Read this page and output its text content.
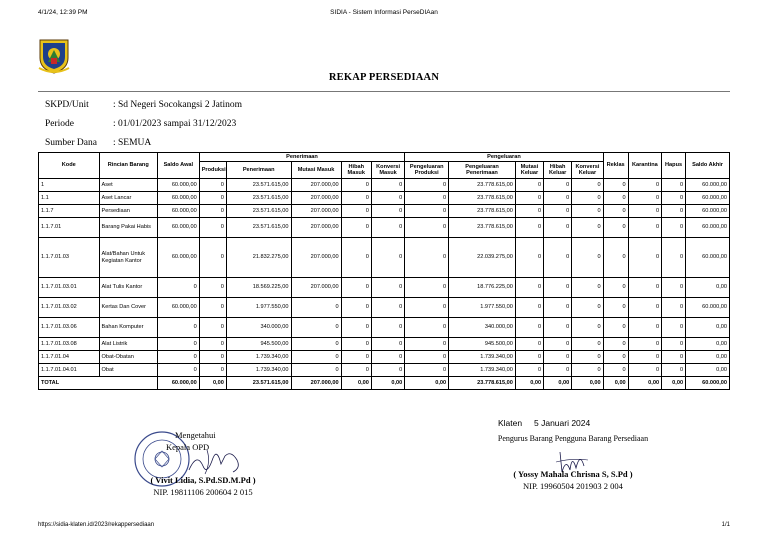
4/1/24, 12:39 PM	SIDIA - Sistem Informasi PerseDIAan
REKAP PERSEDIAAN
SKPD/Unit	: Sd Negeri Socokangsi 2 Jatinom
Periode	: 01/01/2023 sampai 31/12/2023
Sumber Dana : SEMUA
Kode	Rincian Barang	Saldo Awal	Penerimaan					Pengeluaran					Reklas	Karantina	Hapus	Saldo Akhir
			Produksi	Penerimaan	Mutasi Masuk	Hibah Masuk	Konversi Masuk	Pengeluaran Produksi	Pengeluaran Penerimaan	Mutasi Keluar	Hibah Keluar	Konversi Keluar				
1	Aset	60.000,00	0	23.571.615,00	207.000,00	0	0	0	23.778.615,00	0	0	0	0	0	0	60.000,00
1.1	Aset Lancar	60.000,00	0	23.571.615,00	207.000,00	0	0	0	23.778.615,00	0	0	0	0	0	0	60.000,00
1.1.7	Persediaan	60.000,00	0	23.571.615,00	207.000,00	0	0	0	23.778.615,00	0	0	0	0	0	0	60.000,00
1.1.7.01	Barang Pakai Habis	60.000,00	0	23.571.615,00	207.000,00	0	0	0	23.778.615,00	0	0	0	0	0	0	60.000,00
1.1.7.01.03	Alat/Bahan Untuk Kegiatan Kantor	60.000,00	0	21.832.275,00	207.000,00	0	0	0	22.039.275,00	0	0	0	0	0	0	60.000,00
1.1.7.01.03.01	Alat Tulis Kantor	0	0	18.569.225,00	207.000,00	0	0	0	18.776.225,00	0	0	0	0	0	0	0,00
1.1.7.01.03.02	Kertas Dan Cover	60.000,00	0	1.977.550,00	0	0	0	0	1.977.550,00	0	0	0	0	0	0	60.000,00
1.1.7.01.03.06	Bahan Komputer	0	0	340.000,00	0	0	0	0	340.000,00	0	0	0	0	0	0	0,00
1.1.7.01.03.08	Alat Listrik	0	0	945.500,00	0	0	0	0	945.500,00	0	0	0	0	0	0	0,00
1.1.7.01.04	Obat-Obatan	0	0	1.739.340,00	0	0	0	0	1.739.340,00	0	0	0	0	0	0	0,00
1.1.7.01.04.01	Obat	0	0	1.739.340,00	0	0	0	0	1.739.340,00	0	0	0	0	0	0	0,00
TOTAL		60.000,00	0,00	23.571.615,00	207.000,00	0,00	0,00	0,00	23.778.615,00	0,00	0,00	0,00	0,00	0,00	0,00	60.000,00
Mengetahui
Kepala OPD
( Vivit Lidia, S.Pd.SD.M.Pd )
NIP. 19811106 200604 2 015
Klaten 5 Januari 2024
Pengurus Barang Pengguna Barang Persediaan
( Yossy Mahala Chrisna S, S.Pd )
NIP. 19960504 201903 2 004
https://sidia-klaten.id/2023/rekappersediaan	1/1
